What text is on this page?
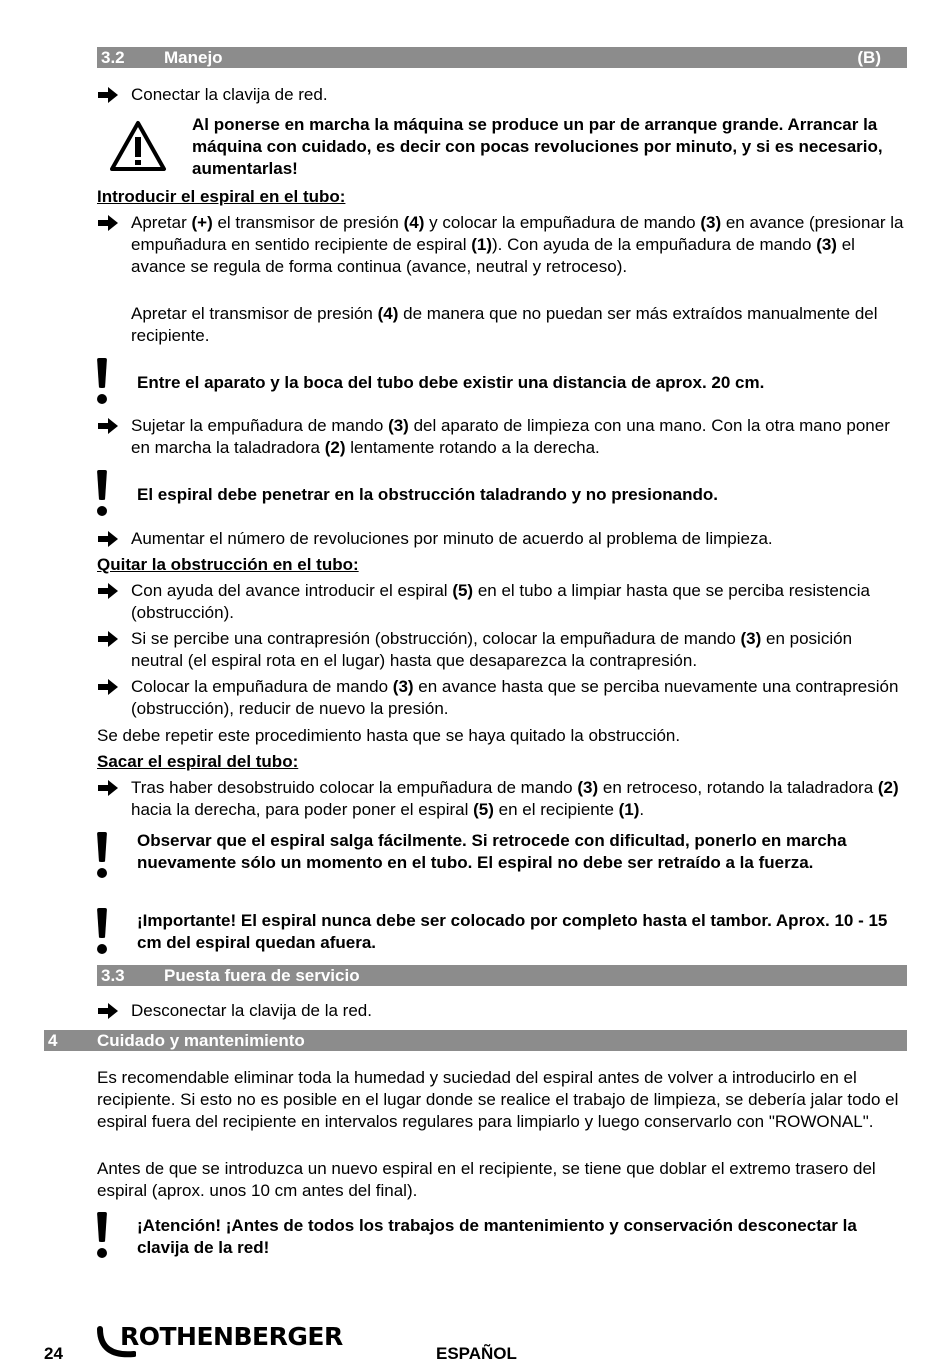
3.2 Manejo	(B)
Conectar la clavija de red.
Al ponerse en marcha la máquina se produce un par de arranque grande. Arrancar la máquina con cuidado, es decir con pocas revoluciones por minuto, y si es necesario, aumentarlas!
Introducir el espiral en el tubo:
Apretar (+) el transmisor de presión (4) y colocar la empuñadura de mando (3) en avance (presionar la empuñadura en sentido recipiente de espiral (1)). Con ayuda de la empuñadura de mando (3) el avance se regula de forma continua (avance, neutral y retroceso).
Apretar el transmisor de presión (4) de manera que no puedan ser más extraídos manualmente del recipiente.
Entre el aparato y la boca del tubo debe existir una distancia de aprox. 20 cm.
Sujetar la empuñadura de mando (3) del aparato de limpieza con una mano. Con la otra mano poner en marcha la taladradora (2) lentamente rotando a la derecha.
El espiral debe penetrar en la obstrucción taladrando y no presionando.
Aumentar el número de revoluciones por minuto de acuerdo al problema de limpieza.
Quitar la obstrucción en el tubo:
Con ayuda del avance introducir el espiral (5) en el tubo a limpiar hasta que se perciba resistencia (obstrucción).
Si se percibe una contrapresión (obstrucción), colocar la empuñadura de mando (3) en posición neutral (el espiral rota en el lugar) hasta que desaparezca la contrapresión.
Colocar la empuñadura de mando (3) en avance hasta que se perciba nuevamente una contrapresión (obstrucción), reducir de nuevo la presión.
Se debe repetir este procedimiento hasta que se haya quitado la obstrucción.
Sacar el espiral del tubo:
Tras haber desobstruido colocar la empuñadura de mando (3) en retroceso, rotando la taladradora (2) hacia la derecha, para poder poner el espiral (5) en el recipiente (1).
Observar que el espiral salga fácilmente. Si retrocede con dificultad, ponerlo en marcha nuevamente sólo un momento en el tubo. El espiral no debe ser retraído a la fuerza.
¡Importante! El espiral nunca debe ser colocado por completo hasta el tambor. Aprox. 10 - 15 cm del espiral quedan afuera.
3.3 Puesta fuera de servicio
Desconectar la clavija de la red.
4 Cuidado y mantenimiento
Es recomendable eliminar toda la humedad y suciedad del espiral antes de volver a introducirlo en el recipiente. Si esto no es posible en el lugar donde se realice el trabajo de limpieza, se debería jalar todo el espiral fuera del recipiente en intervalos regulares para limpiarlo y luego conservarlo con "ROWONAL".
Antes de que se introduzca un nuevo espiral en el recipiente, se tiene que doblar el extremo trasero del espiral (aprox. unos 10 cm antes del final).
¡Atención! ¡Antes de todos los trabajos de mantenimiento y conservación desconectar la clavija de la red!
24
ROTHENBERGER
ESPAÑOL
